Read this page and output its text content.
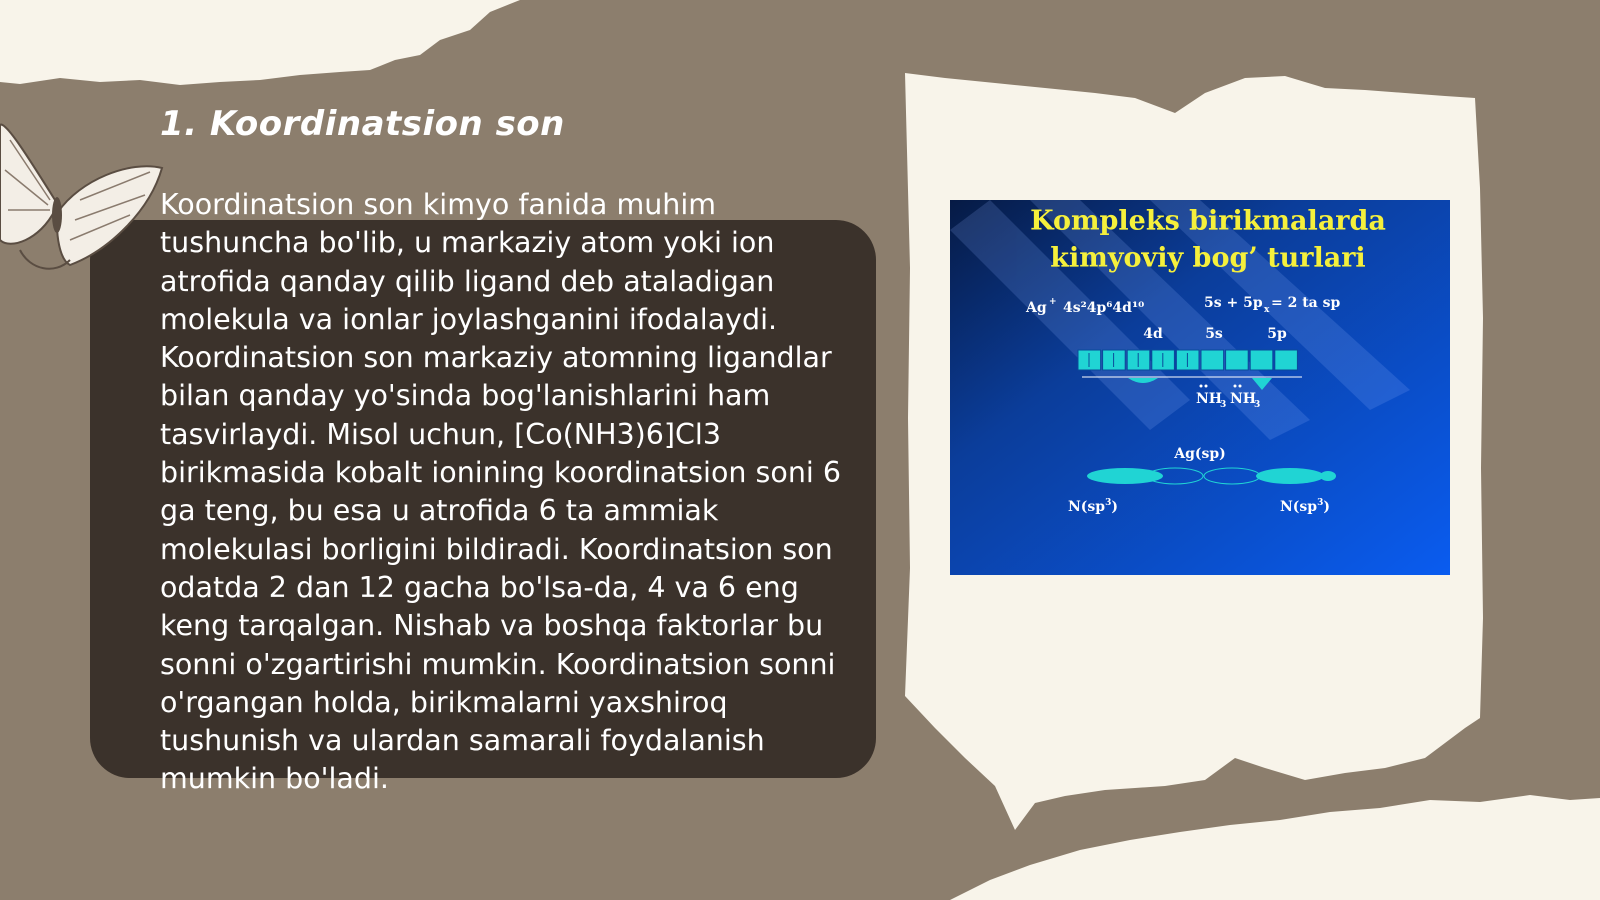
1. Koordinatsion son

Koordinatsion son kimyo fanida muhim tushuncha bo'lib, u markaziy atom yoki ion atrofida qanday qilib ligand deb ataladigan molekula va ionlar joylashganini ifodalaydi. Koordinatsion son markaziy atomning ligandlar bilan qanday yo'sinda bog'lanishlarini ham tasvirlaydi. Misol uchun, [Co(NH3)6]Cl3 birikmasida kobalt ionining koordinatsion soni 6 ga teng, bu esa u atrofida 6 ta ammiak molekulasi borligini bildiradi. Koordinatsion son odatda 2 dan 12 gacha bo'lsa-da, 4 va 6 eng keng tarqalgan. Nishab va boshqa faktorlar bu sonni o'zgartirishi mumkin. Koordinatsion sonni o'rgangan holda, birikmalarni yaxshiroq tushunish va ulardan samarali foydalanish mumkin bo'ladi.

Kompleks birikmalarda
kimyoviy bog’ turlari
Ag + 4s²4p⁶4d¹⁰	5s + 5p x = 2 ta sp
4d	5s	5p
NH
3 NH
3
Ag(sp)
$N(sp^3)$	$N(sp^3)$
